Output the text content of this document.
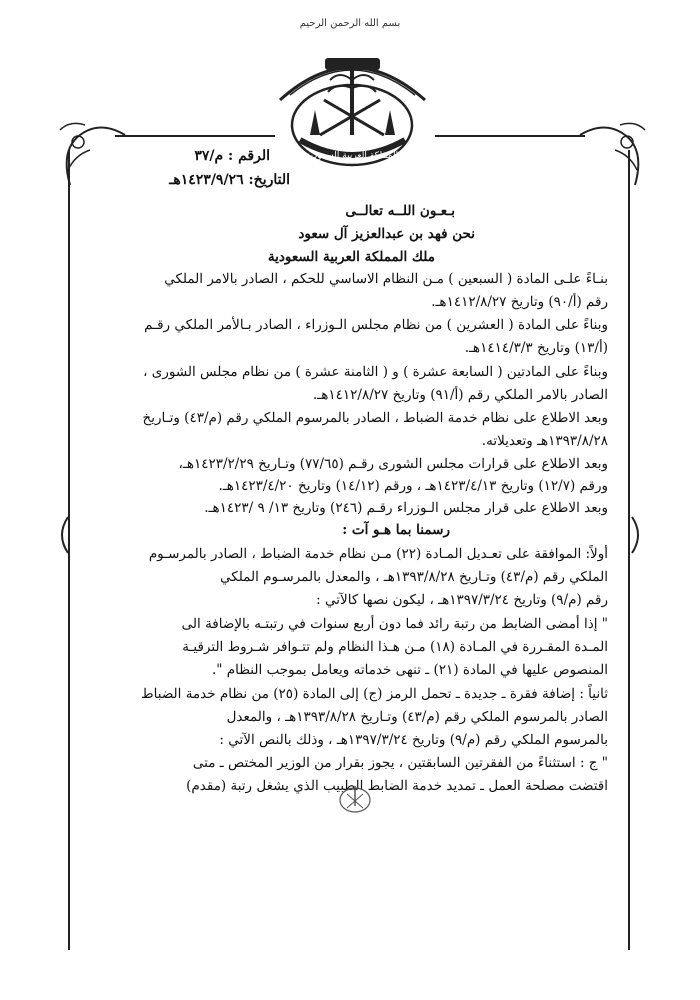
بسم الله الرحمن الرحيم
المملكة العربية السعودية
الرقم : م/٣٧
التاريخ: ١٤٢٣/٩/٢٦هـ
بـعـون اللــه تعالــى
نحن فهد بن عبدالعزيز آل سعود
ملك المملكة العربية السعودية
بنـاءً علـى المادة ( السبعين ) مـن النظام الاساسي للحكم ، الصادر بالامر الملكي
رقم (أ/٩٠) وتاريخ ١٤١٢/٨/٢٧هـ.
وبناءً على المادة ( العشرين ) من نظام مجلس الـوزراء ، الصادر بـالأمر الملكي رقـم
(أ/١٣) وتاريخ ١٤١٤/٣/٣هـ.
وبناءً على المادتين ( السابعة عشرة ) و ( الثامنة عشرة ) من نظام مجلس الشورى ،
الصادر بالامر الملكي رقم (أ/٩١) وتاريخ ١٤١٢/٨/٢٧هـ.
وبعد الاطلاع على نظام خدمة الضباط ، الصادر بالمرسوم الملكي رقم (م/٤٣) وتـاريخ
١٣٩٣/٨/٢٨هـ وتعديلاته.
وبعد الاطلاع على قرارات مجلس الشورى رقـم (٧٧/٦٥) وتـاريخ ١٤٢٣/٢/٢٩هـ،
ورقم (١٢/٧) وتاريخ ١٤٢٣/٤/١٣هـ ، ورقم (١٤/١٢) وتاريخ ١٤٢٣/٤/٢٠هـ.
وبعد الاطلاع على قرار مجلس الـوزراء رقـم (٢٤٦) وتاريخ ١٣/ ٩ /١٤٢٣هـ.
رسمنا بما هـو آت :
أولاً: الموافقة على تعـديل المـادة (٢٢) مـن نظام خدمة الضباط ، الصادر بالمرسـوم
الملكي رقم (م/٤٣) وتـاريخ ١٣٩٣/٨/٢٨هـ ، والمعدل بالمرسـوم الملكي
رقم (م/٩) وتاريخ ١٣٩٧/٣/٢٤هـ ، ليكون نصها كالآتي :
" إذا أمضى الضابط من رتبة رائد فما دون أربع سنوات في رتبتـه بالإضافة الى
المـدة المقـررة في المـادة (١٨) مـن هـذا النظام ولم تتـوافر شـروط الترقيـة
المنصوص عليها في المادة (٢١) ـ تنهى خدماته ويعامل بموجب النظام ".
ثانياً : إضافة فقرة ـ جديدة ـ تحمل الرمز (ج) إلى المادة (٢٥) من نظام خدمة الضباط
الصادر بالمرسوم الملكي رقم (م/٤٣) وتـاريخ ١٣٩٣/٨/٢٨هـ ، والمعدل
بالمرسوم الملكي رقم (م/٩) وتاريخ ١٣٩٧/٣/٢٤هـ ، وذلك بالنص الآتي :
" ج : استثناءً من الفقرتين السابقتين ، يجوز بقرار من الوزير المختص ـ متى
اقتضت مصلحة العمل ـ تمديد خدمة الضابط الطبيب الذي يشغل رتبة (مقدم)
